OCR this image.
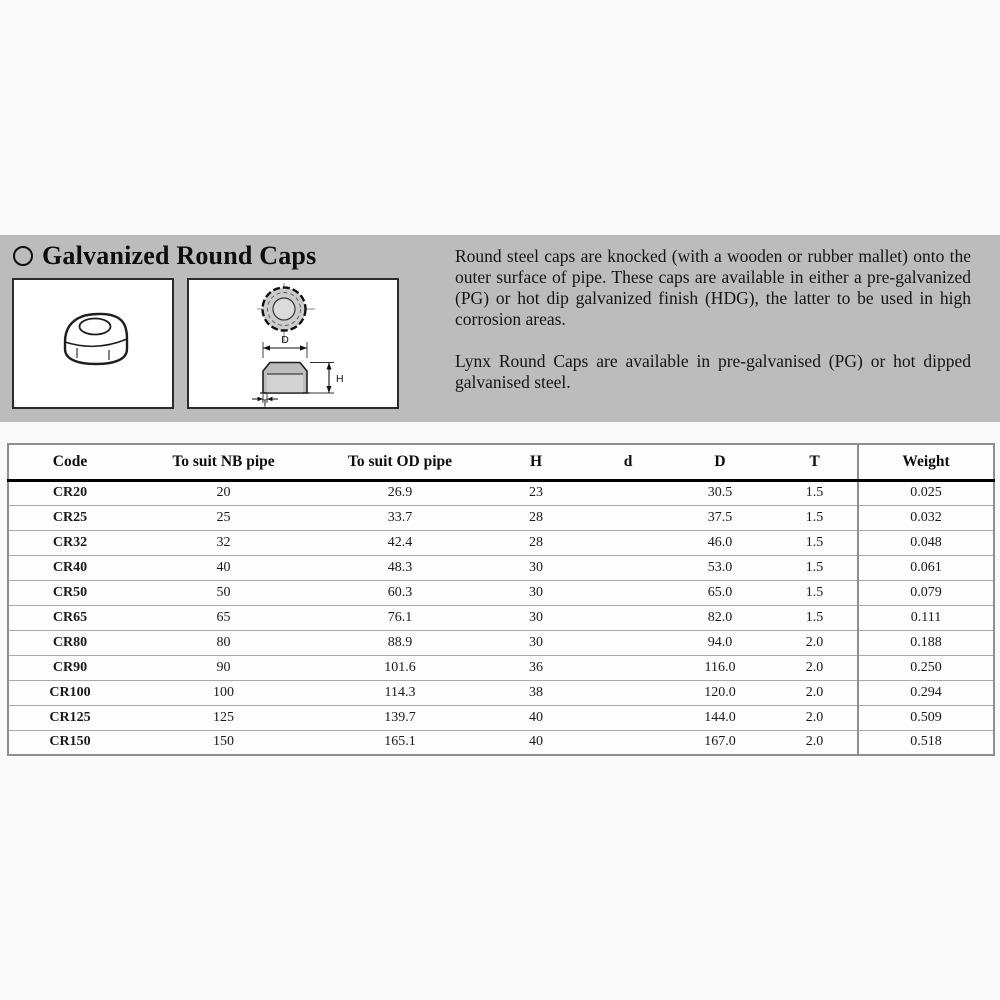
Galvanized Round Caps
D
H
T

Round steel caps are knocked (with a wooden or rubber mallet) onto the outer surface of pipe. These caps are available in either a pre-galvanized (PG) or hot dip galvanized finish (HDG), the latter to be used in high corrosion areas.

Lynx Round Caps are available in pre-galvanised (PG) or hot dipped galvanised steel.

Code	To suit NB pipe	To suit OD pipe	H	d	D	T	Weight
CR20	20	26.9	23		30.5	1.5	0.025
CR25	25	33.7	28		37.5	1.5	0.032
CR32	32	42.4	28		46.0	1.5	0.048
CR40	40	48.3	30		53.0	1.5	0.061
CR50	50	60.3	30		65.0	1.5	0.079
CR65	65	76.1	30		82.0	1.5	0.111
CR80	80	88.9	30		94.0	2.0	0.188
CR90	90	101.6	36		116.0	2.0	0.250
CR100	100	114.3	38		120.0	2.0	0.294
CR125	125	139.7	40		144.0	2.0	0.509
CR150	150	165.1	40		167.0	2.0	0.518
